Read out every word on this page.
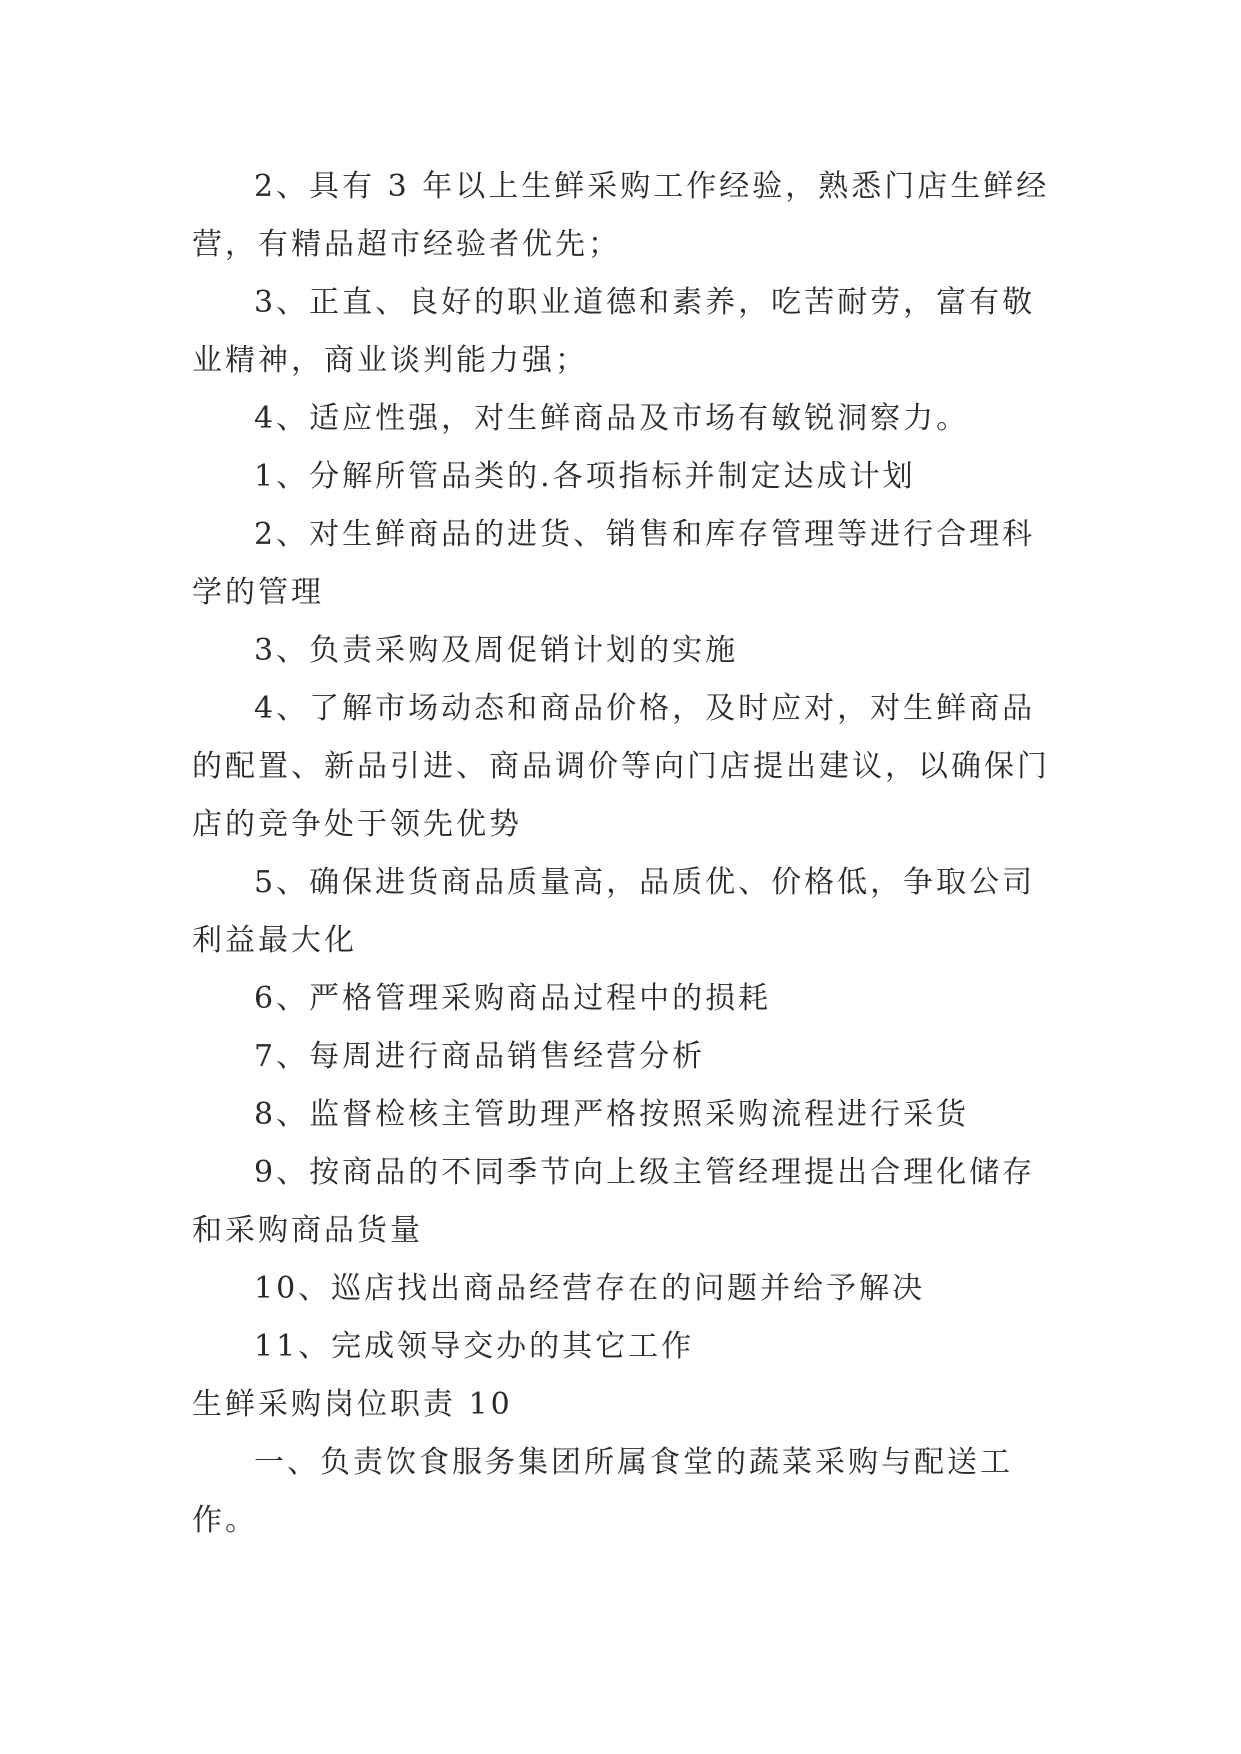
2、具有 3 年以上生鲜采购工作经验，熟悉门店生鲜经营，有精品超市经验者优先；

3、正直、良好的职业道德和素养，吃苦耐劳，富有敬业精神，商业谈判能力强；

4、适应性强，对生鲜商品及市场有敏锐洞察力。

1、分解所管品类的.各项指标并制定达成计划

2、对生鲜商品的进货、销售和库存管理等进行合理科学的管理

3、负责采购及周促销计划的实施

4、了解市场动态和商品价格，及时应对，对生鲜商品的配置、新品引进、商品调价等向门店提出建议，以确保门店的竞争处于领先优势

5、确保进货商品质量高，品质优、价格低，争取公司利益最大化

6、严格管理采购商品过程中的损耗

7、每周进行商品销售经营分析

8、监督检核主管助理严格按照采购流程进行采货

9、按商品的不同季节向上级主管经理提出合理化储存和采购商品货量

10、巡店找出商品经营存在的问题并给予解决

11、完成领导交办的其它工作

生鲜采购岗位职责 10

一、负责饮食服务集团所属食堂的蔬菜采购与配送工作。
